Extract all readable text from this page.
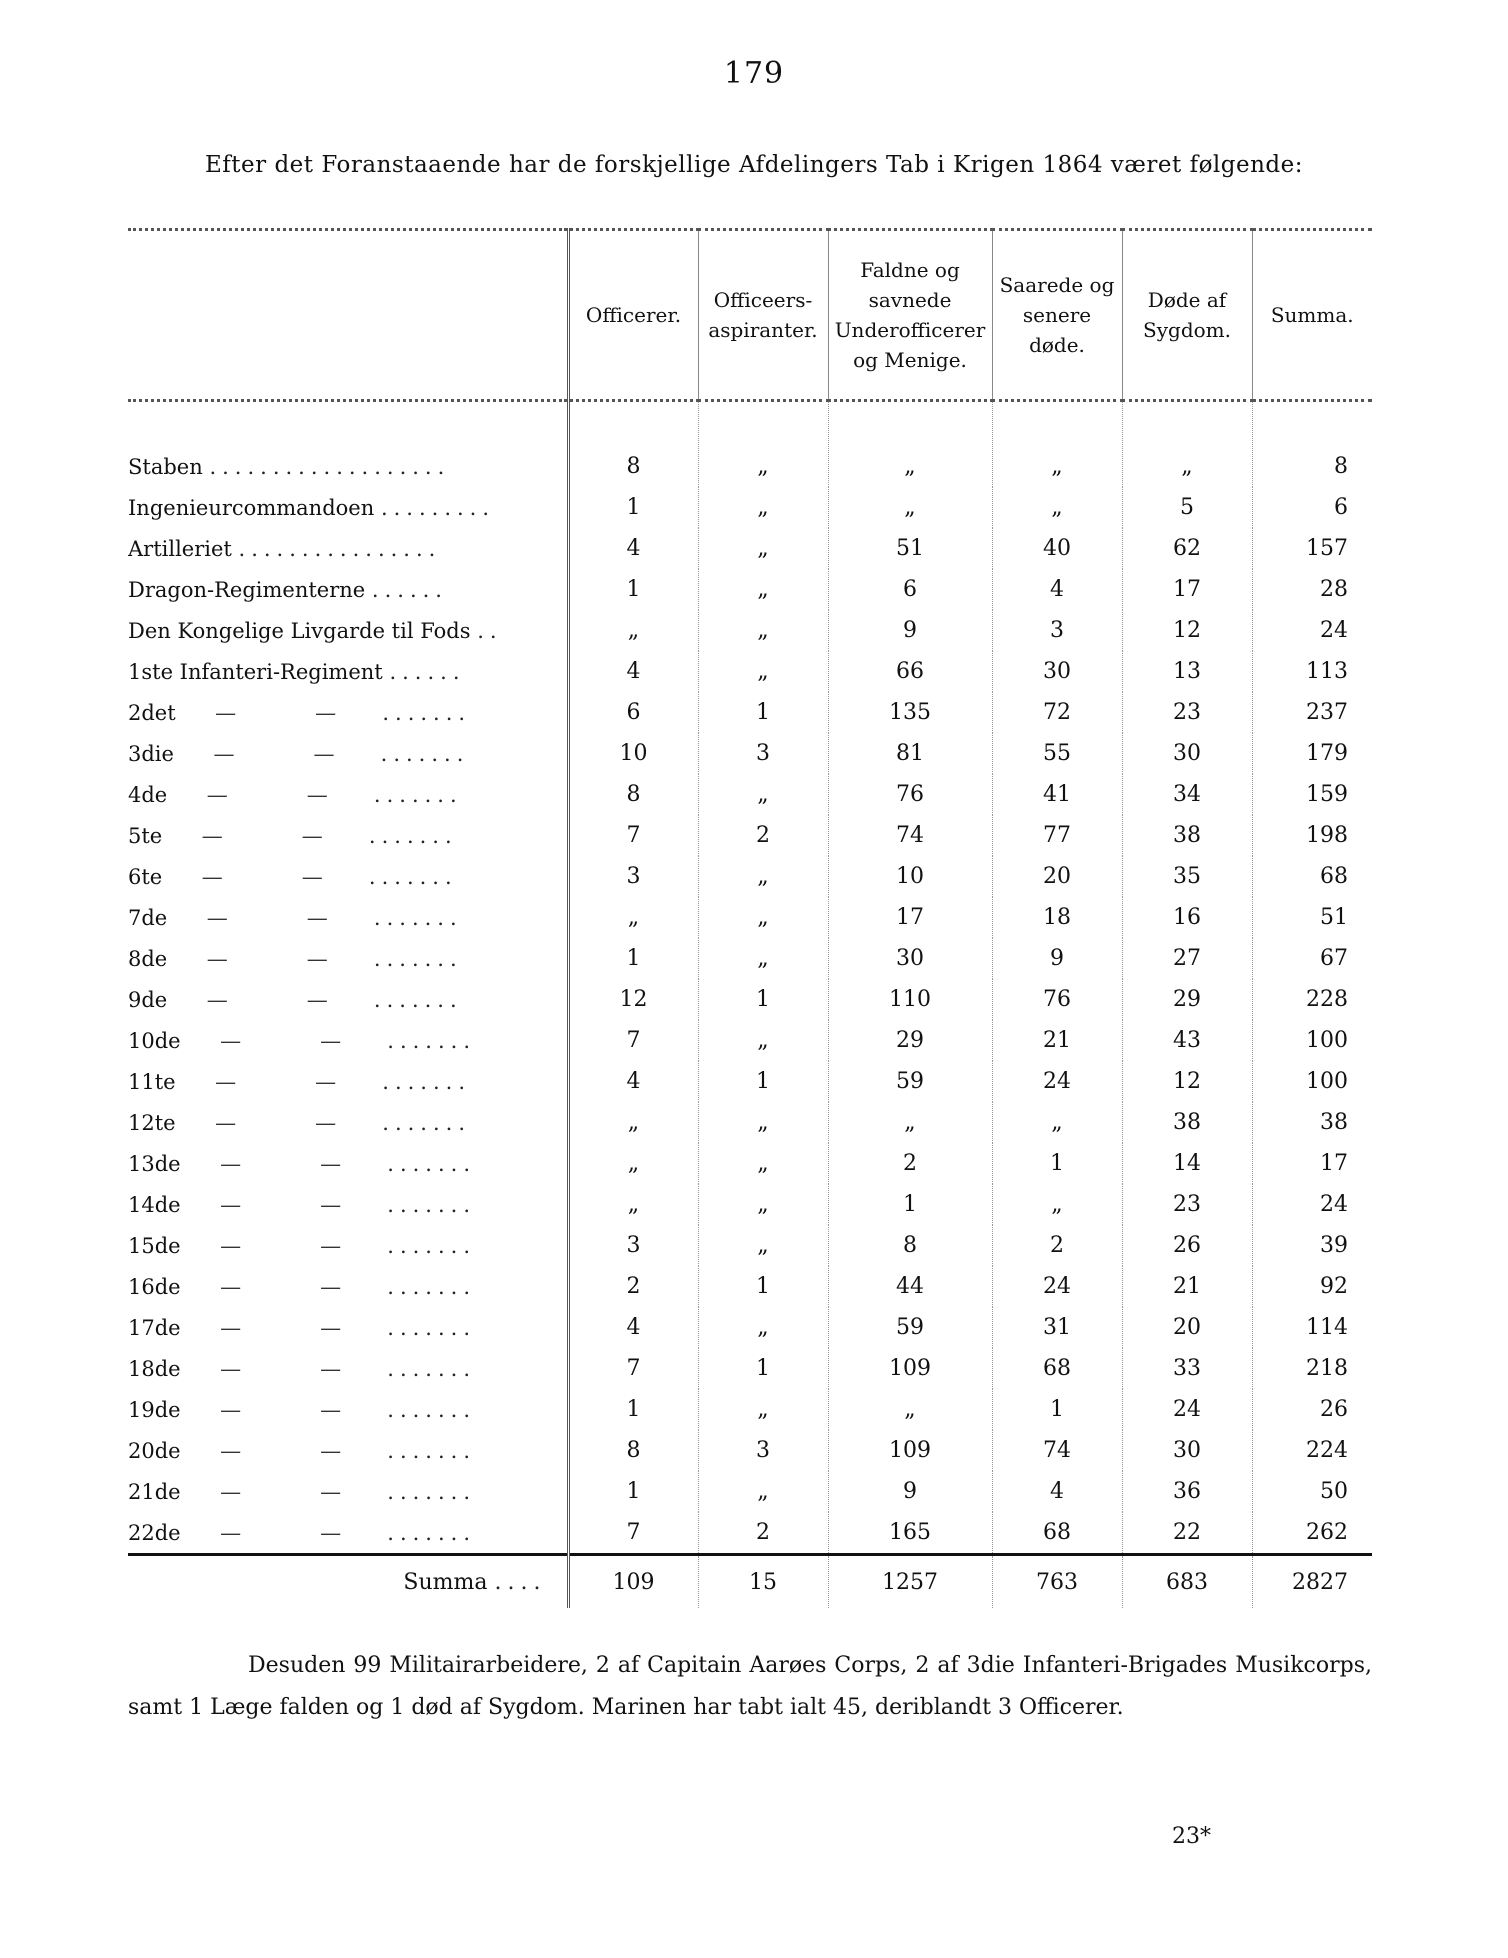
179
Efter det Foranstaaende har de forskjellige Afdelingers Tab i Krigen 1864 været følgende:
	Officerer.	Officeers-aspiranter.	Faldne og savnede Underofficerer og Menige.	Saarede og senere døde.	Døde af Sygdom.	Summa.
Staben ...................	8	„	„	„	„	8
Ingenieurcommandoen .........	1	„	„	„	5	6
Artilleriet ................	4	„	51	40	62	157
Dragon-Regimenterne ......	1	„	6	4	17	28
Den Kongelige Livgarde til Fods ..	„	„	9	3	12	24
1ste Infanteri-Regiment ......	4	„	66	30	13	113
2det — — .......	6	1	135	72	23	237
3die — — .......	10	3	81	55	30	179
4de — — .......	8	„	76	41	34	159
5te — — .......	7	2	74	77	38	198
6te — — .......	3	„	10	20	35	68
7de — — .......	„	„	17	18	16	51
8de — — .......	1	„	30	9	27	67
9de — — .......	12	1	110	76	29	228
10de — — .......	7	„	29	21	43	100
11te — — .......	4	1	59	24	12	100
12te — — .......	„	„	„	„	38	38
13de — — .......	„	„	2	1	14	17
14de — — .......	„	„	1	„	23	24
15de — — .......	3	„	8	2	26	39
16de — — .......	2	1	44	24	21	92
17de — — .......	4	„	59	31	20	114
18de — — .......	7	1	109	68	33	218
19de — — .......	1	„	„	1	24	26
20de — — .......	8	3	109	74	30	224
21de — — .......	1	„	9	4	36	50
22de — — .......	7	2	165	68	22	262
Summa ....	109	15	1257	763	683	2827
Desuden 99 Militairarbeidere, 2 af Capitain Aarøes Corps, 2 af 3die Infanteri-Brigades Musikcorps, samt 1 Læge falden og 1 død af Sygdom. Marinen har tabt ialt 45, deriblandt 3 Officerer.
23*
